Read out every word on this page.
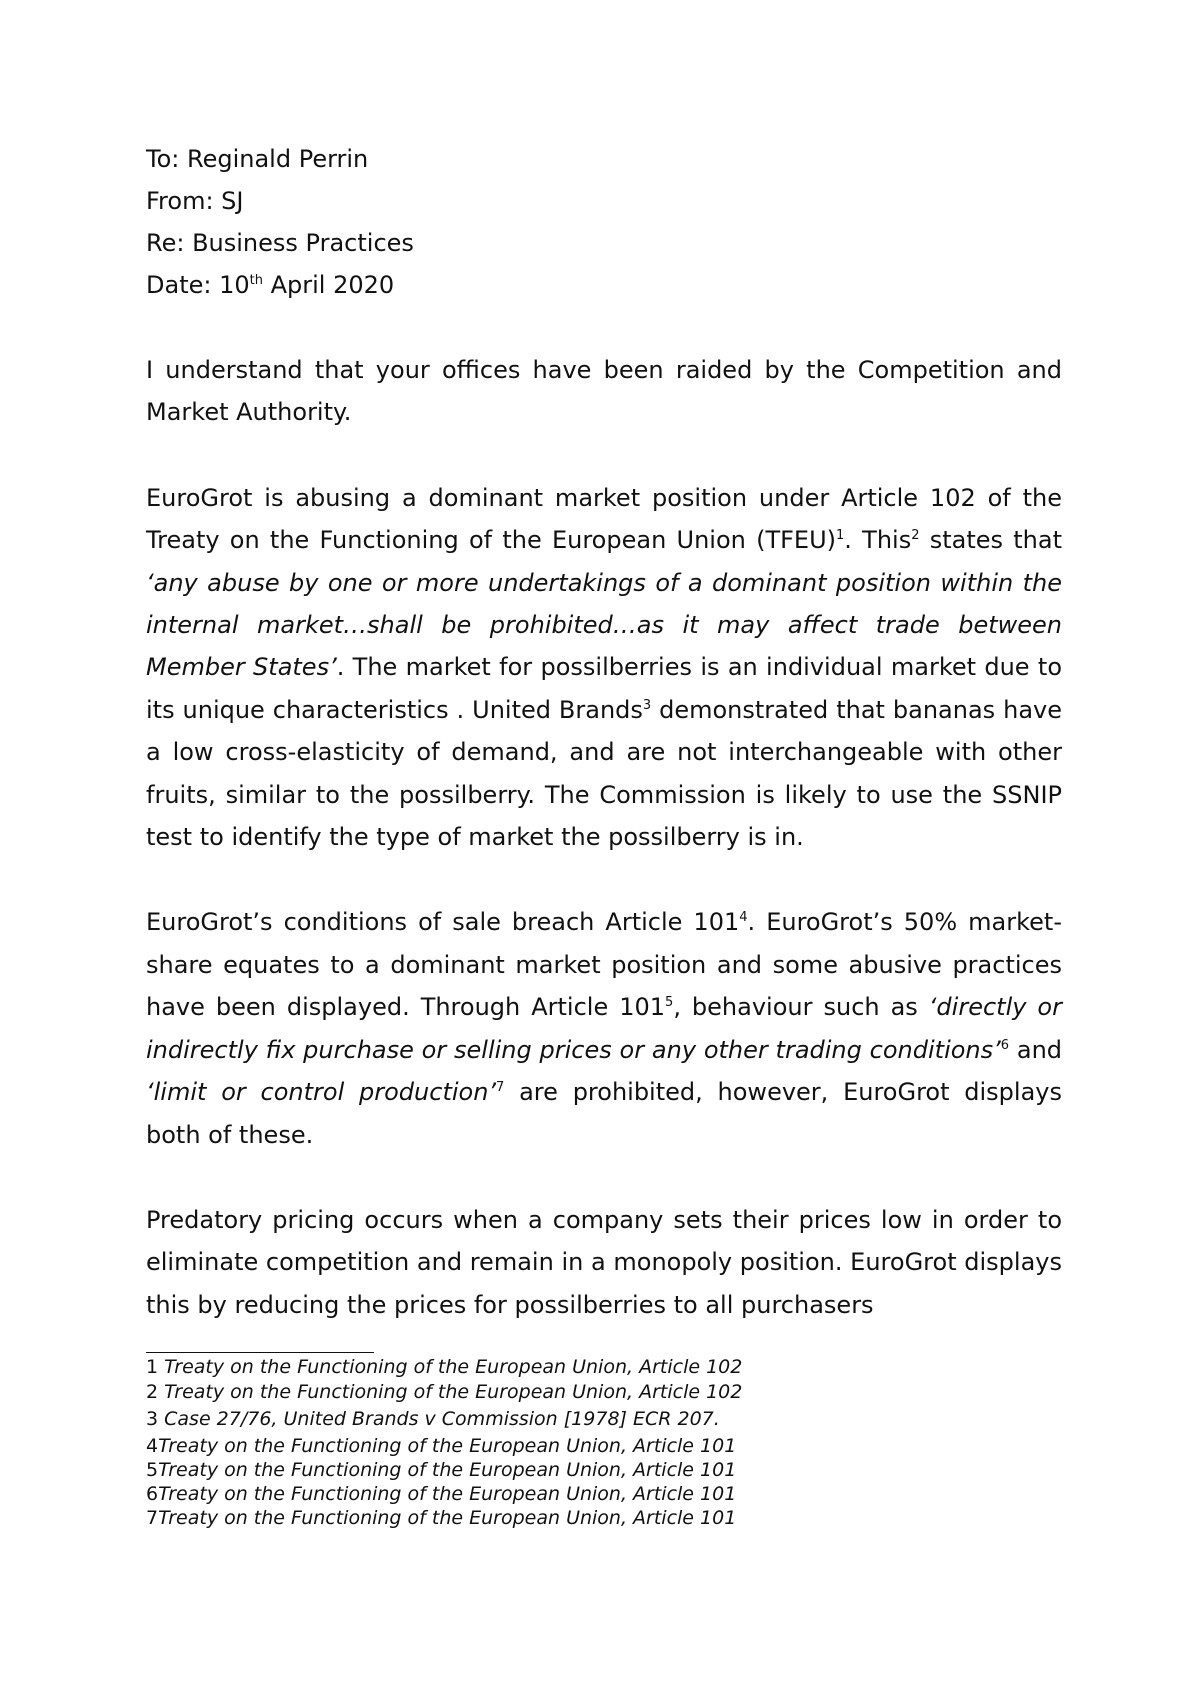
To: Reginald Perrin

From: SJ

Re: Business Practices

Date: 10th April 2020

I understand that your offices have been raided by the Competition and Market Authority.

EuroGrot is abusing a dominant market position under Article 102 of the Treaty on the Functioning of the European Union (TFEU)$^1$. This$^2$ states that ‘any abuse by one or more undertakings of a dominant position within the internal market…shall be prohibited…as it may affect trade between Member States’. The market for possilberries is an individual market due to its unique characteristics . United Brands$^3$ demonstrated that bananas have a low cross-elasticity of demand, and are not interchangeable with other fruits, similar to the possilberry. The Commission is likely to use the SSNIP test to identify the type of market the possilberry is in.

EuroGrot’s conditions of sale breach Article $101^4$. EuroGrot’s 50% market-share equates to a dominant market position and some abusive practices have been displayed. Through Article $101^5$, behaviour such as ‘directly or indirectly fix purchase or selling prices or any other trading conditions’$^6$ and ‘limit or control production’$^7$ are prohibited, however, EuroGrot displays both of these.

Predatory pricing occurs when a company sets their prices low in order to eliminate competition and remain in a monopoly position. EuroGrot displays this by reducing the prices for possilberries to all purchasers

1 Treaty on the Functioning of the European Union, Article 102

2 Treaty on the Functioning of the European Union, Article 102

3 Case 27/76, United Brands v Commission [1978] ECR 207.

4Treaty on the Functioning of the European Union, Article 101

5Treaty on the Functioning of the European Union, Article 101

6Treaty on the Functioning of the European Union, Article 101

7Treaty on the Functioning of the European Union, Article 101
